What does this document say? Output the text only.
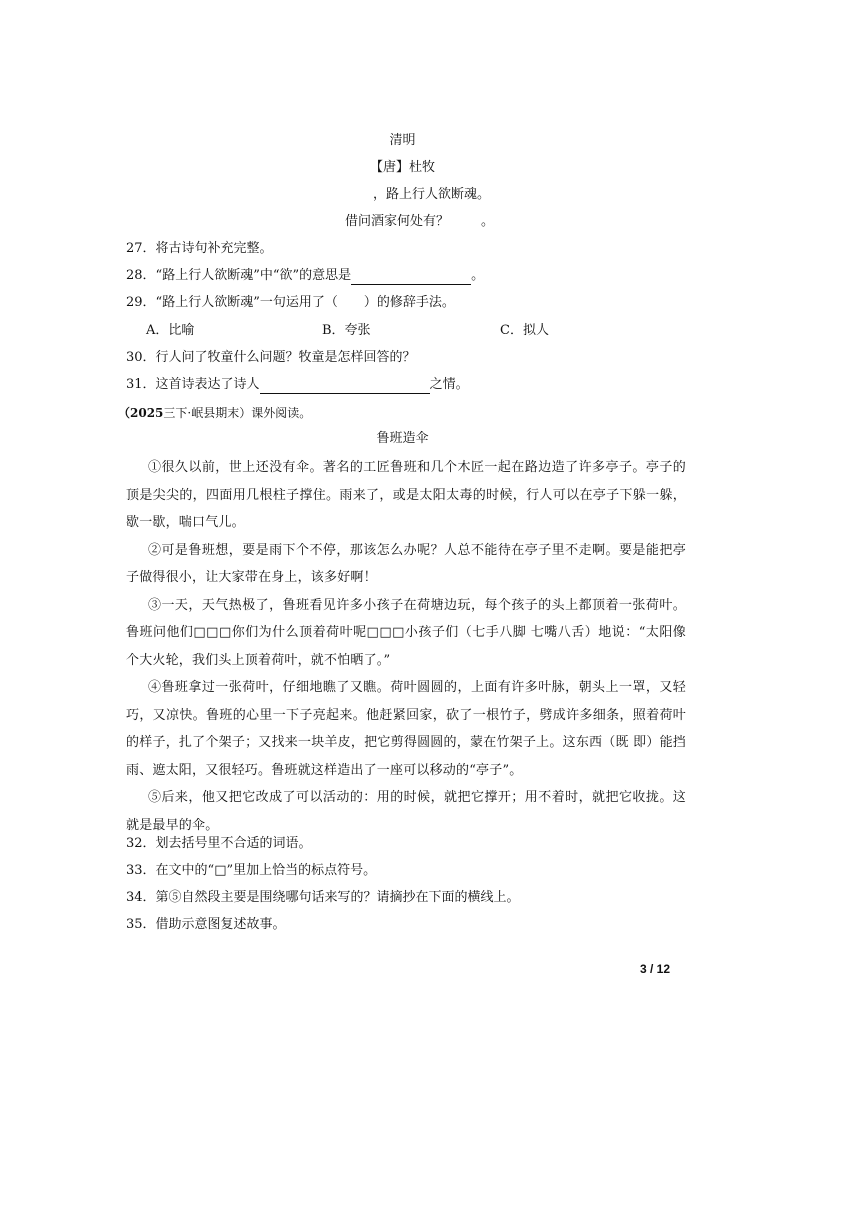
清明
【唐】杜牧
，路上行人欲断魂。
借问酒家何处有？ 。
27．将古诗句补充完整。
28．“路上行人欲断魂”中“欲”的意思是	。
29．“路上行人欲断魂”一句运用了（　　）的修辞手法。
A．比喻	B．夸张	C．拟人
30．行人问了牧童什么问题？牧童是怎样回答的？
31．这首诗表达了诗人	之情。
（2025三下·岷县期末）课外阅读。
鲁班造伞

①很久以前，世上还没有伞。著名的工匠鲁班和几个木匠一起在路边造了许多亭子。亭子的顶是尖尖的，四面用几根柱子撑住。雨来了，或是太阳太毒的时候，行人可以在亭子下躲一躲，歇一歇，喘口气儿。

②可是鲁班想，要是雨下个不停，那该怎么办呢？人总不能待在亭子里不走啊。要是能把亭子做得很小，让大家带在身上，该多好啊！

③一天，天气热极了，鲁班看见许多小孩子在荷塘边玩，每个孩子的头上都顶着一张荷叶。鲁班问他们□□□你们为什么顶着荷叶呢□□□小孩子们（七手八脚 七嘴八舌）地说：“太阳像个大火轮，我们头上顶着荷叶，就不怕晒了。”

④鲁班拿过一张荷叶，仔细地瞧了又瞧。荷叶圆圆的，上面有许多叶脉，朝头上一罩，又轻巧，又凉快。鲁班的心里一下子亮起来。他赶紧回家，砍了一根竹子，劈成许多细条，照着荷叶的样子，扎了个架子；又找来一块羊皮，把它剪得圆圆的，蒙在竹架子上。这东西（既 即）能挡雨、遮太阳，又很轻巧。鲁班就这样造出了一座可以移动的“亭子”。

⑤后来，他又把它改成了可以活动的：用的时候，就把它撑开；用不着时，就把它收拢。这就是最早的伞。

32．划去括号里不合适的词语。
33．在文中的“□”里加上恰当的标点符号。
34．第⑤自然段主要是围绕哪句话来写的？请摘抄在下面的横线上。
35．借助示意图复述故事。
3 / 12
